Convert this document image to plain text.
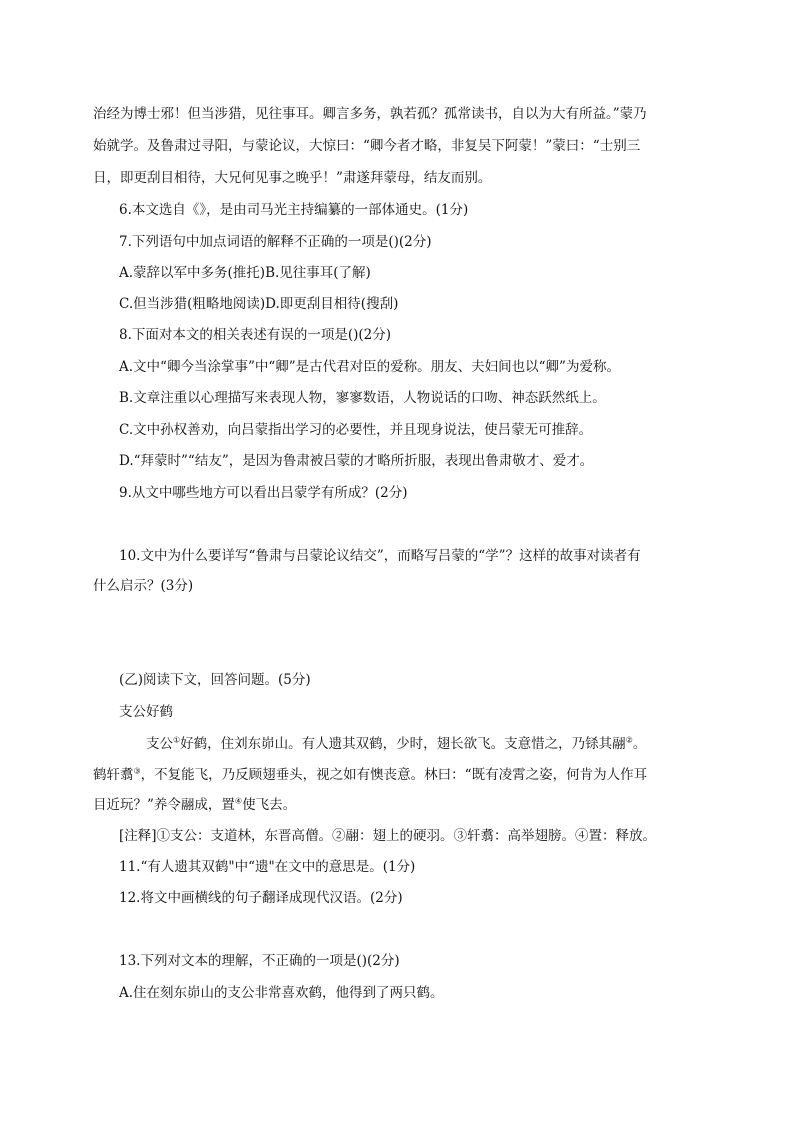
治经为博士邪！但当涉猎，见往事耳。卿言多务，孰若孤？孤常读书，自以为大有所益。”蒙乃
始就学。及鲁肃过寻阳，与蒙论议，大惊曰：“卿今者才略，非复吴下阿蒙！”蒙曰：“士别三
日，即更刮目相待，大兄何见事之晚乎！”肃遂拜蒙母，结友而别。
6.本文选自《》，是由司马光主持编纂的一部体通史。(1分)
7.下列语句中加点词语的解释不正确的一项是()(2分)
A.蒙辞以军中多务(推托)B.见往事耳(了解)
C.但当涉猎(粗略地阅读)D.即更刮目相待(搜刮)
8.下面对本文的相关表述有误的一项是()(2分)
A.文中“卿今当涂掌事”中“卿”是古代君对臣的爱称。朋友、夫妇间也以“卿”为爱称。
B.文章注重以心理描写来表现人物，寥寥数语，人物说话的口吻、神态跃然纸上。
C.文中孙权善劝，向吕蒙指出学习的必要性，并且现身说法，使吕蒙无可推辞。
D.“拜蒙时”“结友”，是因为鲁肃被吕蒙的才略所折服，表现出鲁肃敬才、爱才。
9.从文中哪些地方可以看出吕蒙学有所成？(2分)
10.文中为什么要详写“鲁肃与吕蒙论议结交”，而略写吕蒙的“学”？这样的故事对读者有
什么启示？(3分)
(乙)阅读下文，回答问题。(5分)
支公好鹤
支公①好鹤，住刘东峁山。有人遗其双鹤，少时，翅长欲飞。支意惜之，乃铩其翮②。
鹤轩翥③，不复能飞，乃反顾翅垂头，视之如有懊丧意。林曰：“既有凌霄之姿，何肯为人作耳
目近玩？”养令翮成，置④使飞去。
[注释]①支公：支道林，东晋高僧。②翮：翅上的硬羽。③轩翥：高举翅膀。④置：释放。
11.“有人遗其双鹤"中“遗"在文中的意思是。(1分)
12.将文中画横线的句子翻译成现代汉语。(2分)
13.下列对文本的理解，不正确的一项是()(2分)
A.住在刻东峁山的支公非常喜欢鹤，他得到了两只鹤。
